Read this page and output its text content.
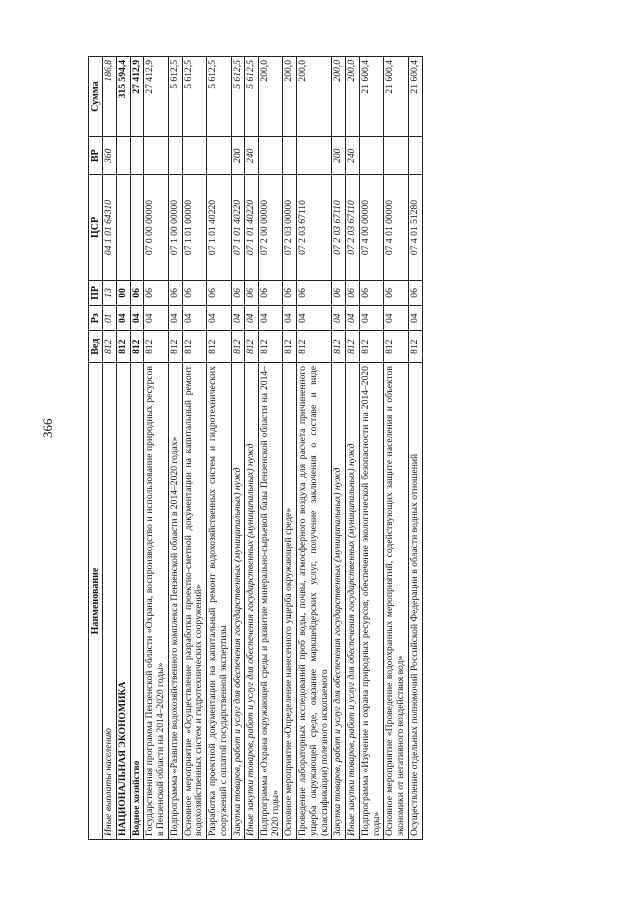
366
Наименование	Вед	Рз	ПР	ЦСР	ВР	Сумма
Иные выплаты населению	812	01	13	04 1 01 64310	360	186,8
НАЦИОНАЛЬНАЯ ЭКОНОМИКА	812	04	00			315 594,4
Водное хозяйство	812	04	06			27 412,9
Государственная программа Пензенской области «Охрана, воспроизводство и использование природных ресурсов в Пензенской области на 2014–2020 годы»	812	04	06	07 0 00 00000		27 412,9
Подпрограмма «Развитие водохозяйственного комплекса Пензенской области в 2014–2020 годах»	812	04	06	07 1 00 00000		5 612,5
Основное мероприятие «Осуществление разработки проектно-сметной документации на капитальный ремонт водохозяйственных систем и гидротехнических сооружений»	812	04	06	07 1 01 00000		5 612,5
Разработка проектной документации на капитальный ремонт водохозяйственных систем и гидротехнических сооружений с оплатой государственной экспертизы	812	04	06	07 1 01 40220		5 612,5
Закупка товаров, работ и услуг для обеспечения государственных (муниципальных) нужд	812	04	06	07 1 01 40220	200	5 612,5
Иные закупки товаров, работ и услуг для обеспечения государственных (муниципальных) нужд	812	04	06	07 1 01 40220	240	5 612,5
Подпрограмма «Охрана окружающей среды и развитие минерально-сырьевой базы Пензенской области на 2014–2020 годы»	812	04	06	07 2 00 00000		200,0
Основное мероприятие «Определение нанесенного ущерба окружающей среде»	812	04	06	07 2 03 00000		200,0
Проведение лабораторных исследований проб воды, почвы, атмосферного воздуха для расчета причиненного ущерба окружающей среде, оказание маркшейдерских услуг, получение заключения о составе и виде (классификации) полезного ископаемого	812	04	06	07 2 03 67110		200,0
Закупка товаров, работ и услуг для обеспечения государственных (муниципальных) нужд	812	04	06	07 2 03 67110	200	200,0
Иные закупки товаров, работ и услуг для обеспечения государственных (муниципальных) нужд	812	04	06	07 2 03 67110	240	200,0
Подпрограмма «Изучение и охрана природных ресурсов, обеспечение экологической безопасности на 2014–2020 годы»	812	04	06	07 4 00 00000		21 600,4
Основное мероприятие «Проведение водоохранных мероприятий, содействующих защите населения и объектов экономики от негативного воздействия вод»	812	04	06	07 4 01 00000		21 600,4
Осуществление отдельных полномочий Российской Федерации в области водных отношений	812	04	06	07 4 01 51280		21 600,4
